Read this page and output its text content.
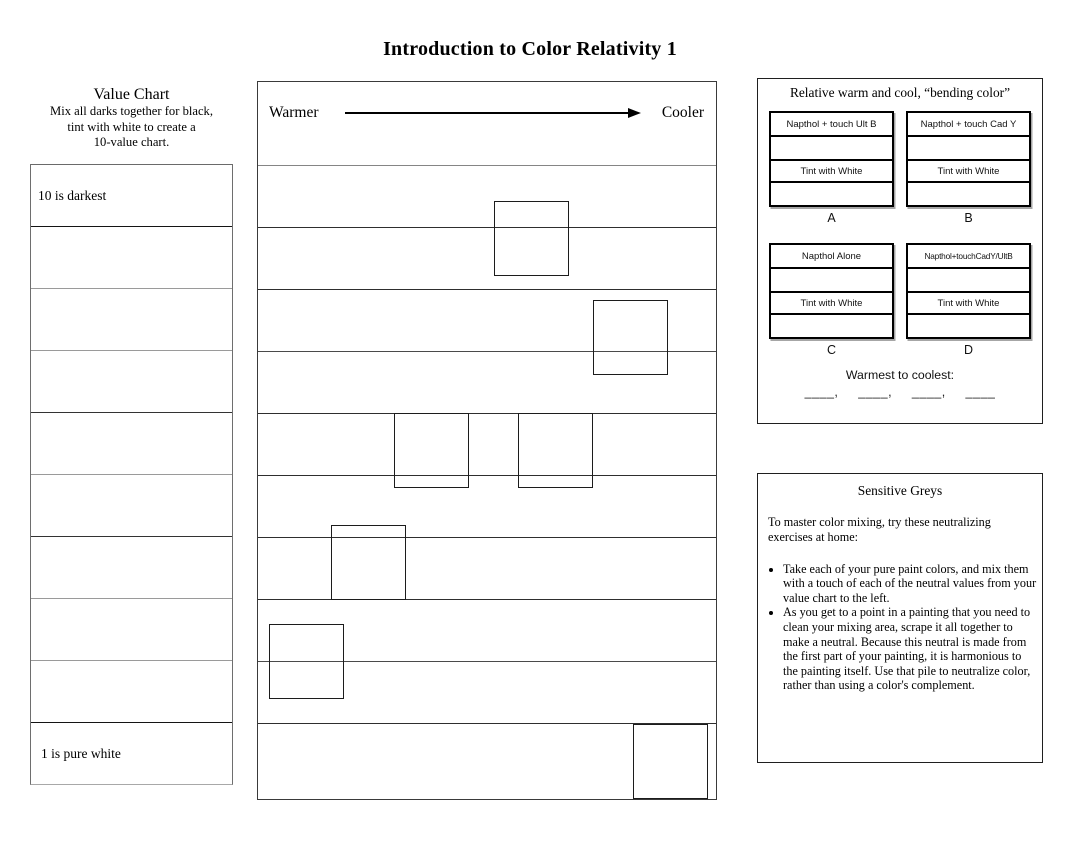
Introduction to Color Relativity 1
Value Chart
Mix all darks together for black,
tint with white to create a
10-value chart.
10 is darkest
1 is pure white
Warmer	Cooler
Relative warm and cool, “bending color”
Napthol + touch Ult B
Tint with White
A
Napthol + touch Cad Y
Tint with White
B
Napthol Alone
Tint with White
C
Napthol+touchCadY/UltB
Tint with White
D
Warmest to coolest:
____,     ____,     ____,     ____
Sensitive Greys
To master color mixing, try these neutralizing exercises at home:
• Take each of your pure paint colors, and mix them with a touch of each of the neutral values from your value chart to the left.
• As you get to a point in a painting that you need to clean your mixing area, scrape it all together to make a neutral. Because this neutral is made from the first part of your painting, it is harmonious to the painting itself. Use that pile to neutralize color, rather than using a color's complement.
